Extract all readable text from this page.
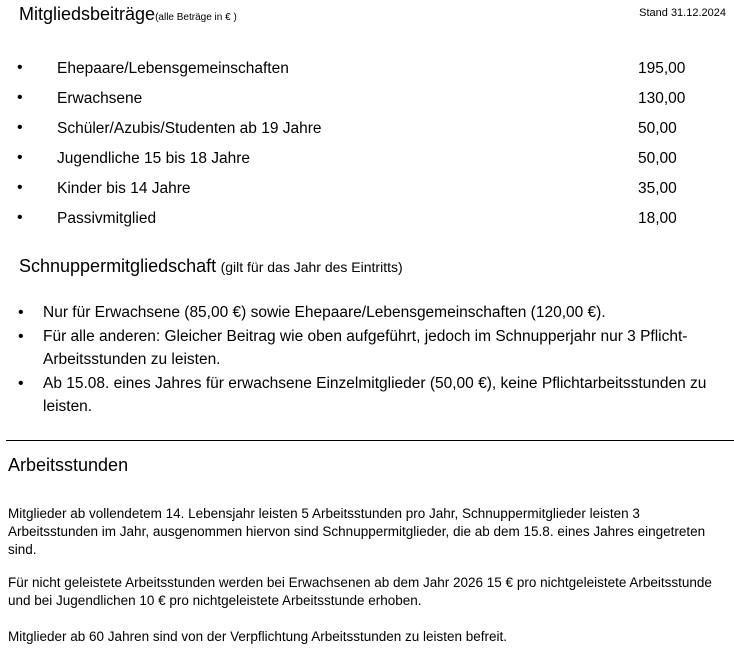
Mitgliedsbeiträge(alle Beträge in € )	Stand 31.12.2024
• Ehepaare/Lebensgemeinschaften	195,00
• Erwachsene	130,00
• Schüler/Azubis/Studenten ab 19 Jahre	50,00
• Jugendliche 15 bis 18 Jahre	50,00
• Kinder bis 14 Jahre	35,00
• Passivmitglied	18,00
Schnuppermitgliedschaft (gilt für das Jahr des Eintritts)
• Nur für Erwachsene (85,00 €) sowie Ehepaare/Lebensgemeinschaften (120,00 €).
• Für alle anderen: Gleicher Beitrag wie oben aufgeführt, jedoch im Schnupperjahr nur 3 Pflicht-Arbeitsstunden zu leisten.
• Ab 15.08. eines Jahres für erwachsene Einzelmitglieder (50,00 €), keine Pflichtarbeitsstunden zu leisten.
Arbeitsstunden

Mitglieder ab vollendetem 14. Lebensjahr leisten 5 Arbeitsstunden pro Jahr, Schnuppermitglieder leisten 3 Arbeitsstunden im Jahr, ausgenommen hiervon sind Schnuppermitglieder, die ab dem 15.8. eines Jahres eingetreten sind.

Für nicht geleistete Arbeitsstunden werden bei Erwachsenen ab dem Jahr 2026 15 € pro nichtgeleistete Arbeitsstunde und bei Jugendlichen 10 € pro nichtgeleistete Arbeitsstunde erhoben.

Mitglieder ab 60 Jahren sind von der Verpflichtung Arbeitsstunden zu leisten befreit.
